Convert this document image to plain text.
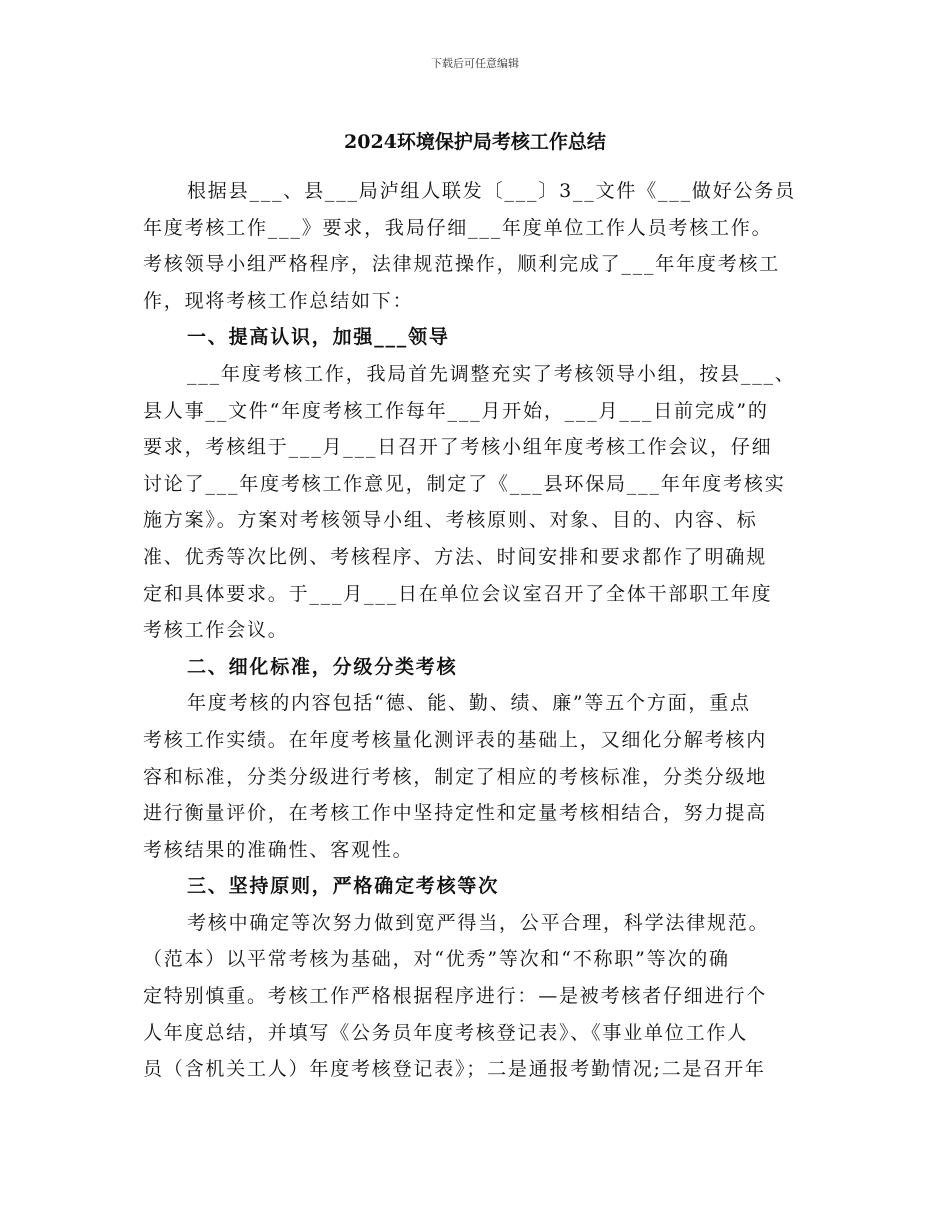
下载后可任意编辑
2024环境保护局考核工作总结
根据县___、县___局泸组人联发〔___〕3__文件《___做好公务员
年度考核工作___》要求，我局仔细___年度单位工作人员考核工作。
考核领导小组严格程序，法律规范操作，顺利完成了___年年度考核工
作，现将考核工作总结如下：
一、提高认识，加强___领导
___年度考核工作，我局首先调整充实了考核领导小组，按县___、
县人事__文件“年度考核工作每年___月开始，___月___日前完成”的
要求，考核组于___月___日召开了考核小组年度考核工作会议，仔细
讨论了___年度考核工作意见，制定了《___县环保局___年年度考核实
施方案》。方案对考核领导小组、考核原则、对象、目的、内容、标
准、优秀等次比例、考核程序、方法、时间安排和要求都作了明确规
定和具体要求。于___月___日在单位会议室召开了全体干部职工年度
考核工作会议。
二、细化标准，分级分类考核
年度考核的内容包括“德、能、勤、绩、廉”等五个方面，重点
考核工作实绩。在年度考核量化测评表的基础上，又细化分解考核内
容和标准，分类分级进行考核，制定了相应的考核标准，分类分级地
进行衡量评价，在考核工作中坚持定性和定量考核相结合，努力提高
考核结果的准确性、客观性。
三、坚持原则，严格确定考核等次
考核中确定等次努力做到宽严得当，公平合理，科学法律规范。
（范本）以平常考核为基础，对“优秀”等次和“不称职”等次的确
定特别慎重。考核工作严格根据程序进行：—是被考核者仔细进行个
人年度总结，并填写《公务员年度考核登记表》、《事业单位工作人
员（含机关工人）年度考核登记表》；二是通报考勤情况;二是召开年
